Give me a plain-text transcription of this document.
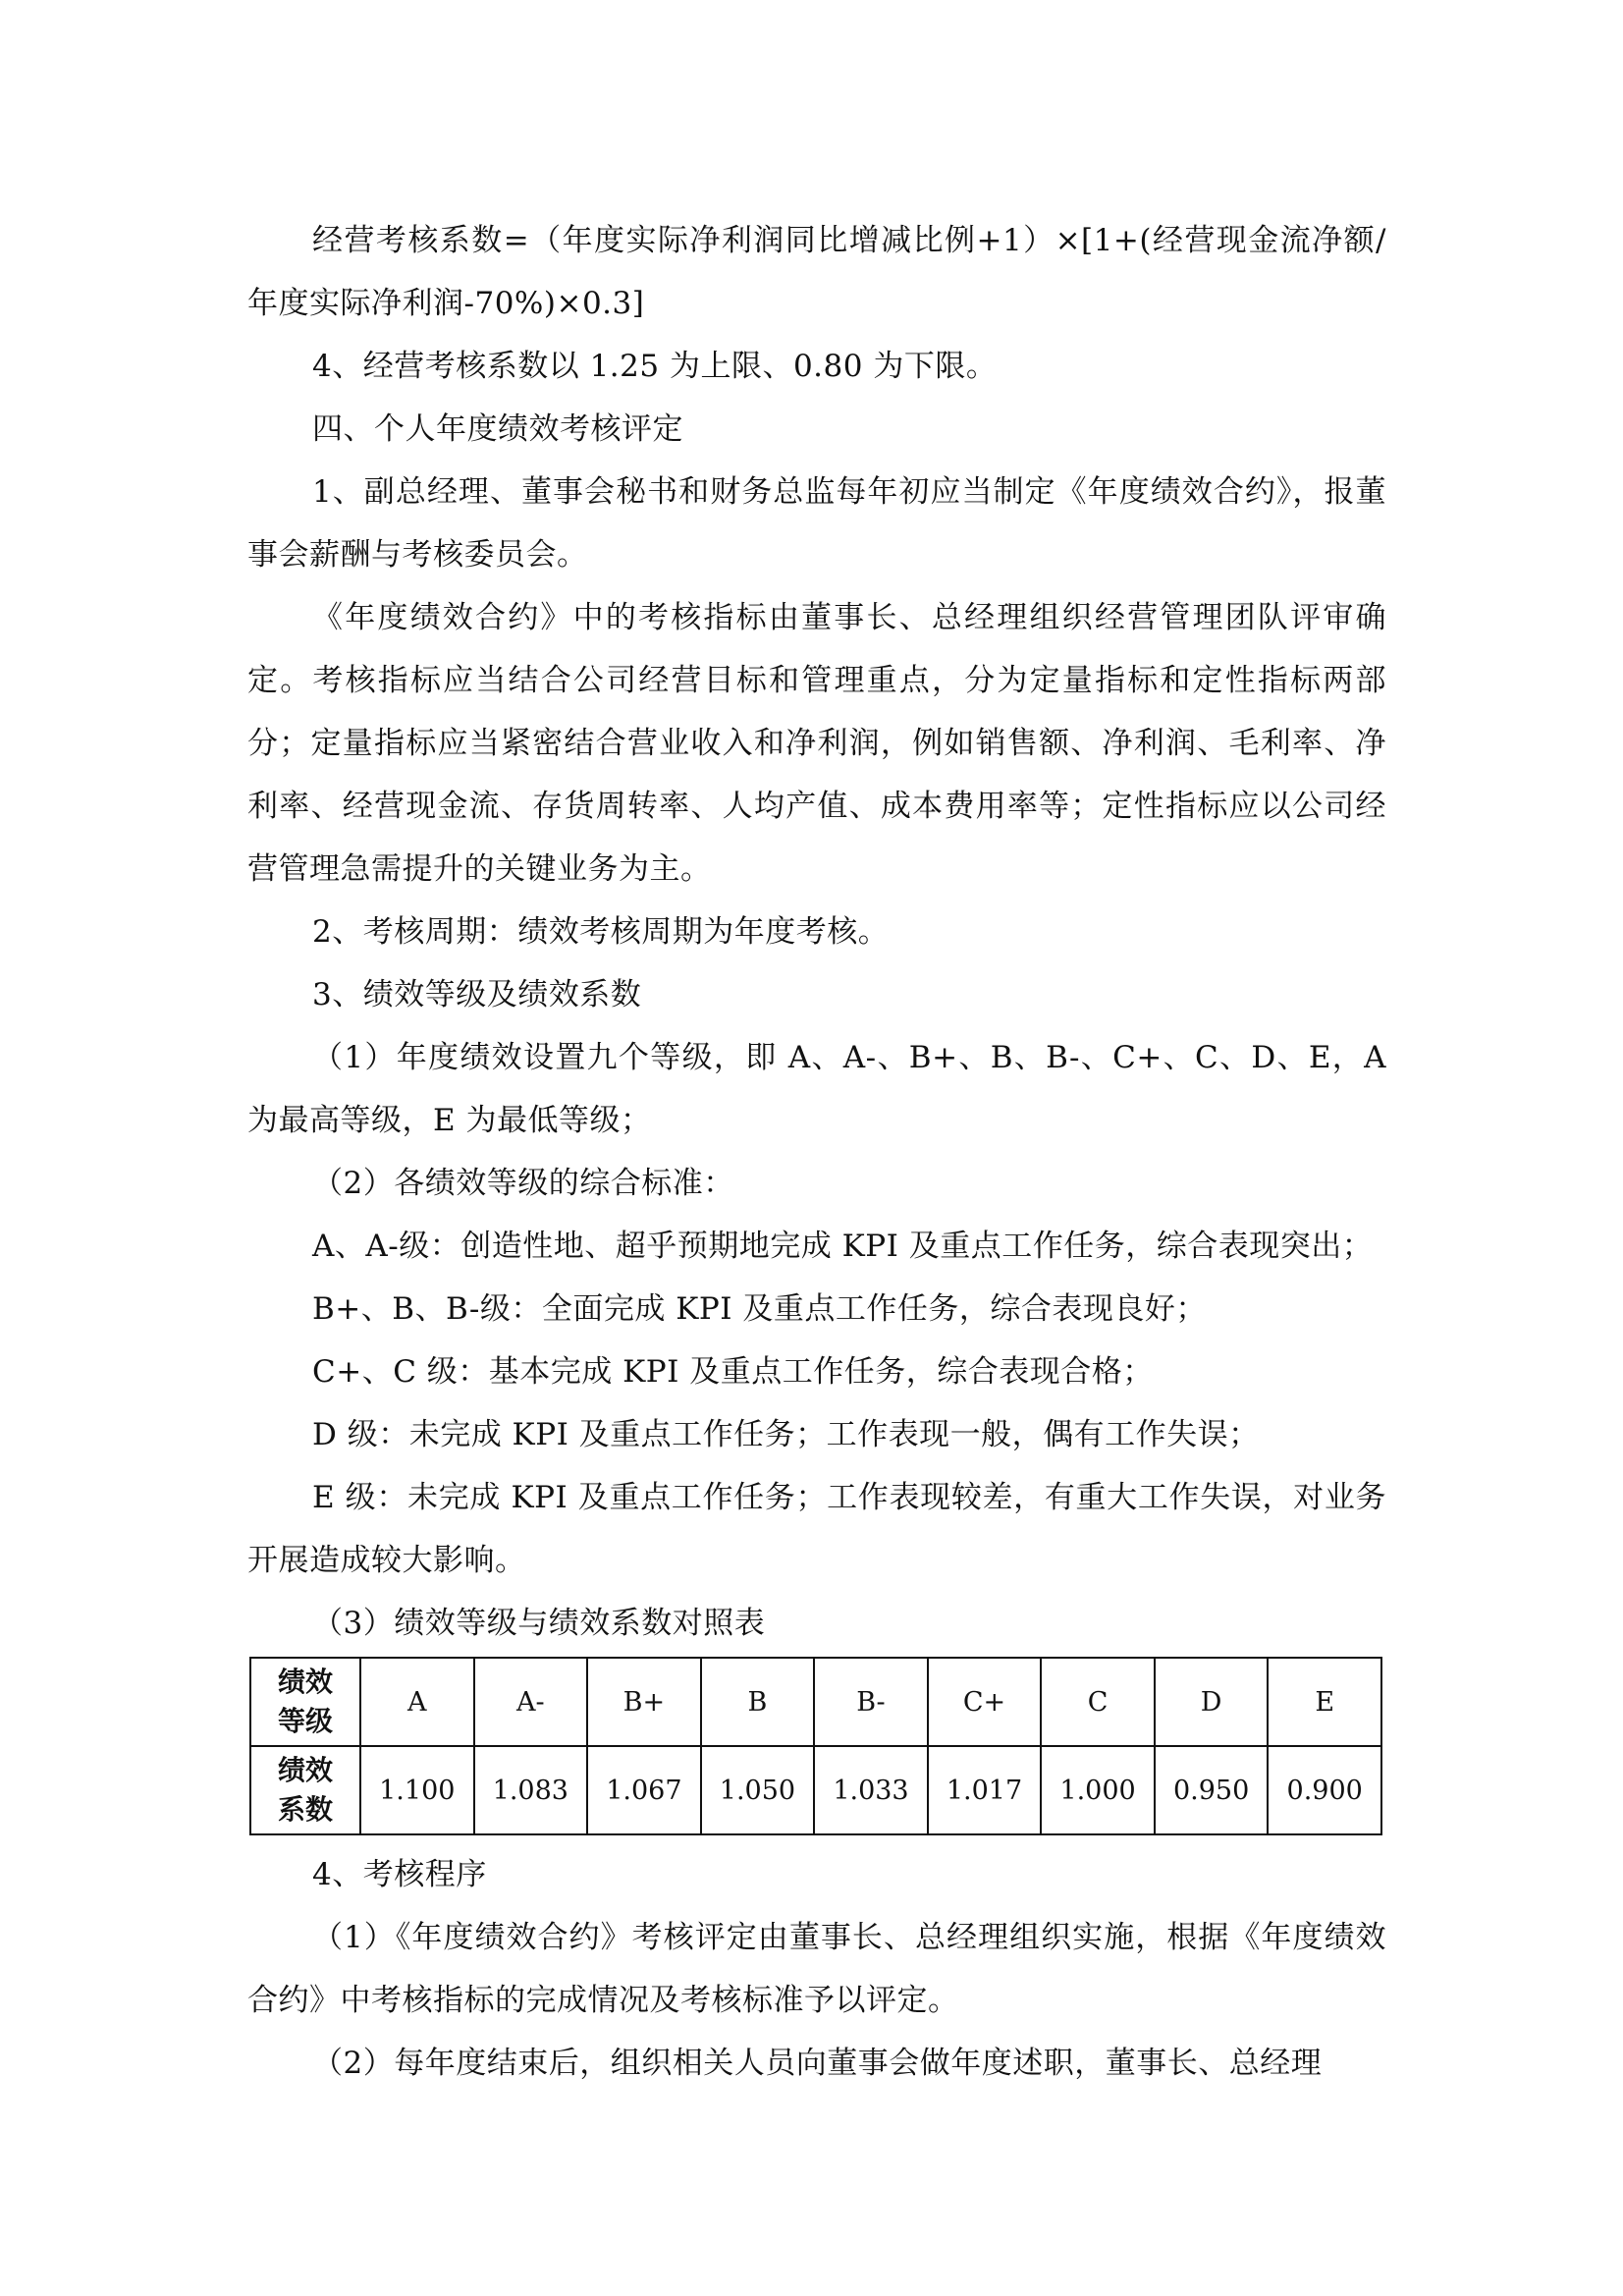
经营考核系数=（年度实际净利润同比增减比例+1）×[1+(经营现金流净额/年度实际净利润-70%)×0.3]

4、经营考核系数以 1.25 为上限、0.80 为下限。

四、个人年度绩效考核评定

1、副总经理、董事会秘书和财务总监每年初应当制定《年度绩效合约》，报董事会薪酬与考核委员会。

《年度绩效合约》中的考核指标由董事长、总经理组织经营管理团队评审确定。考核指标应当结合公司经营目标和管理重点，分为定量指标和定性指标两部分；定量指标应当紧密结合营业收入和净利润，例如销售额、净利润、毛利率、净利率、经营现金流、存货周转率、人均产值、成本费用率等；定性指标应以公司经营管理急需提升的关键业务为主。

2、考核周期：绩效考核周期为年度考核。

3、绩效等级及绩效系数

（1）年度绩效设置九个等级，即 A、A-、B+、B、B-、C+、C、D、E，A 为最高等级，E 为最低等级；

（2）各绩效等级的综合标准：

A、A-级：创造性地、超乎预期地完成 KPI 及重点工作任务，综合表现突出；

B+、B、B-级：全面完成 KPI 及重点工作任务，综合表现良好；

C+、C 级：基本完成 KPI 及重点工作任务，综合表现合格；

D 级：未完成 KPI 及重点工作任务；工作表现一般，偶有工作失误；

E 级：未完成 KPI 及重点工作任务；工作表现较差，有重大工作失误，对业务开展造成较大影响。

（3）绩效等级与绩效系数对照表

绩效
等级	A	A-	B+	B	B-	C+	C	D	E

绩效
系数	1.100	1.083	1.067	1.050	1.033	1.017	1.000	0.950	0.900

4、考核程序

（1）《年度绩效合约》考核评定由董事长、总经理组织实施，根据《年度绩效合约》中考核指标的完成情况及考核标准予以评定。

（2）每年度结束后，组织相关人员向董事会做年度述职，董事长、总经理
